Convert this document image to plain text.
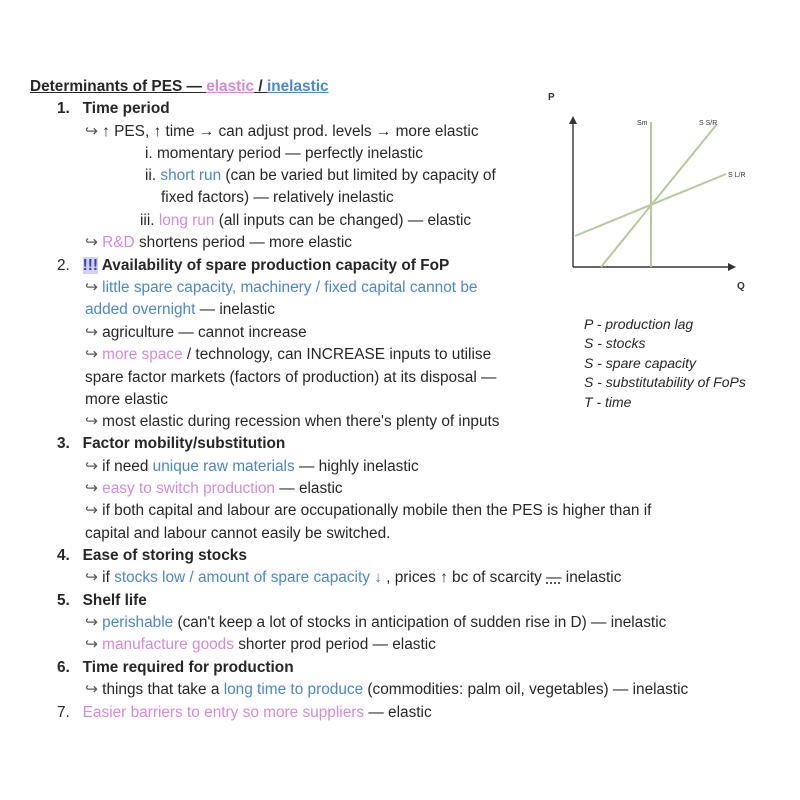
Determinants of PES — elastic / inelastic
1. Time period
↪ ↑ PES, ↑ time → can adjust prod. levels → more elastic
i. momentary period — perfectly inelastic
ii. short run (can be varied but limited by capacity of
fixed factors) — relatively inelastic
iii. long run (all inputs can be changed) — elastic
↪ R&D shortens period — more elastic
2. !!! Availability of spare production capacity of FoP
↪ little spare capacity, machinery / fixed capital cannot be
added overnight — inelastic
↪ agriculture — cannot increase
↪ more space / technology, can INCREASE inputs to utilise
spare factor markets (factors of production) at its disposal —
more elastic
↪ most elastic during recession when there's plenty of inputs
3. Factor mobility/substitution
↪ if need unique raw materials — highly inelastic
↪ easy to switch production — elastic
↪ if both capital and labour are occupationally mobile then the PES is higher than if
capital and labour cannot easily be switched.
4. Ease of storing stocks
↪ if stocks low / amount of spare capacity ↓ , prices ↑ bc of scarcity — inelastic
5. Shelf life
↪ perishable (can't keep a lot of stocks in anticipation of sudden rise in D) — inelastic
↪ manufacture goods shorter prod period — elastic
6. Time required for production
↪ things that take a long time to produce (commodities: palm oil, vegetables) — inelastic
7. Easier barriers to entry so more suppliers — elastic
P
Q
Sm	S S/R
S L/R
P - production lag
S - stocks
S - spare capacity
S - substitutability of FoPs
T - time
